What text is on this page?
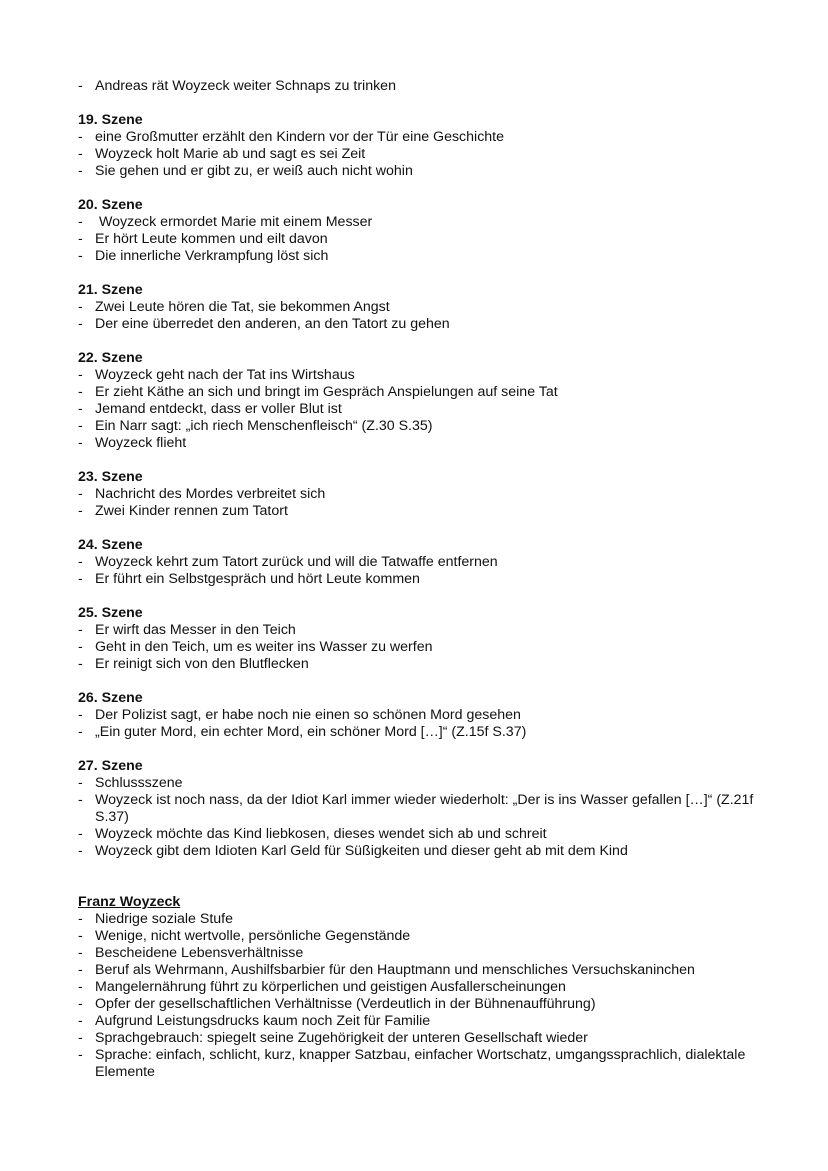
- Andreas rät Woyzeck weiter Schnaps zu trinken
19. Szene
- eine Großmutter erzählt den Kindern vor der Tür eine Geschichte
- Woyzeck holt Marie ab und sagt es sei Zeit
- Sie gehen und er gibt zu, er weiß auch nicht wohin
20. Szene
-  Woyzeck ermordet Marie mit einem Messer
- Er hört Leute kommen und eilt davon
- Die innerliche Verkrampfung löst sich
21. Szene
- Zwei Leute hören die Tat, sie bekommen Angst
- Der eine überredet den anderen, an den Tatort zu gehen
22. Szene
- Woyzeck geht nach der Tat ins Wirtshaus
- Er zieht Käthe an sich und bringt im Gespräch Anspielungen auf seine Tat
- Jemand entdeckt, dass er voller Blut ist
- Ein Narr sagt: „ich riech Menschenfleisch“ (Z.30 S.35)
- Woyzeck flieht
23. Szene
- Nachricht des Mordes verbreitet sich
- Zwei Kinder rennen zum Tatort
24. Szene
- Woyzeck kehrt zum Tatort zurück und will die Tatwaffe entfernen
- Er führt ein Selbstgespräch und hört Leute kommen
25. Szene
- Er wirft das Messer in den Teich
- Geht in den Teich, um es weiter ins Wasser zu werfen
- Er reinigt sich von den Blutflecken
26. Szene
- Der Polizist sagt, er habe noch nie einen so schönen Mord gesehen
- „Ein guter Mord, ein echter Mord, ein schöner Mord […]“ (Z.15f S.37)
27. Szene
- Schlussszene
- Woyzeck ist noch nass, da der Idiot Karl immer wieder wiederholt: „Der is ins Wasser gefallen […]“ (Z.21f S.37)
- Woyzeck möchte das Kind liebkosen, dieses wendet sich ab und schreit
- Woyzeck gibt dem Idioten Karl Geld für Süßigkeiten und dieser geht ab mit dem Kind
Franz Woyzeck
- Niedrige soziale Stufe
- Wenige, nicht wertvolle, persönliche Gegenstände
- Bescheidene Lebensverhältnisse
- Beruf als Wehrmann, Aushilfsbarbier für den Hauptmann und menschliches Versuchskaninchen
- Mangelernährung führt zu körperlichen und geistigen Ausfallerscheinungen
- Opfer der gesellschaftlichen Verhältnisse (Verdeutlich in der Bühnenaufführung)
- Aufgrund Leistungsdrucks kaum noch Zeit für Familie
- Sprachgebrauch: spiegelt seine Zugehörigkeit der unteren Gesellschaft wieder
- Sprache: einfach, schlicht, kurz, knapper Satzbau, einfacher Wortschatz, umgangssprachlich, dialektale Elemente
